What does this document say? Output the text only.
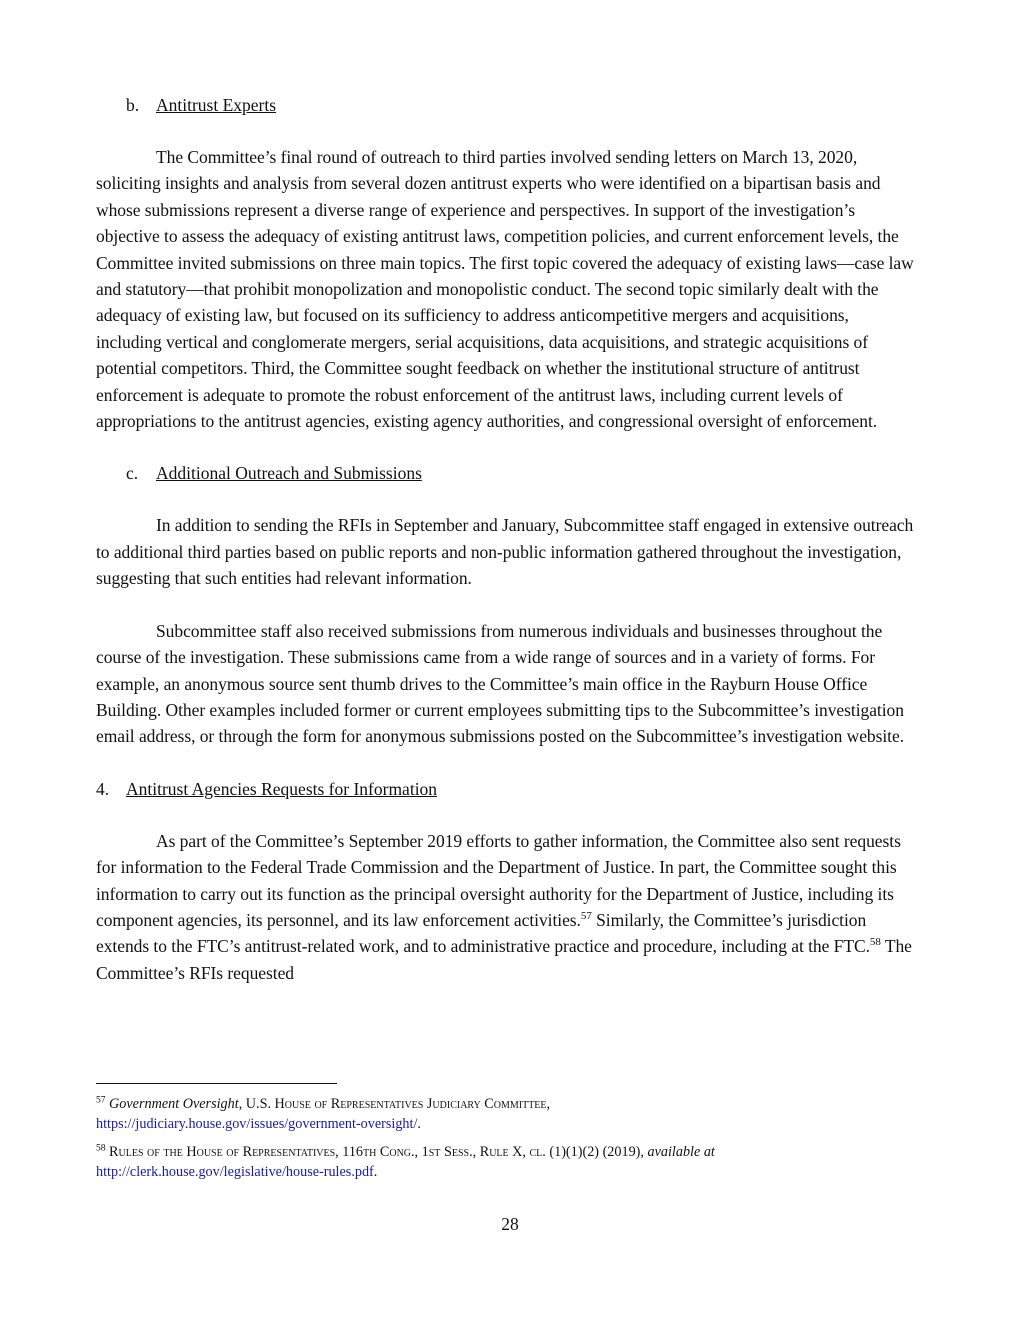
b. Antitrust Experts

The Committee’s final round of outreach to third parties involved sending letters on March 13, 2020, soliciting insights and analysis from several dozen antitrust experts who were identified on a bipartisan basis and whose submissions represent a diverse range of experience and perspectives. In support of the investigation’s objective to assess the adequacy of existing antitrust laws, competition policies, and current enforcement levels, the Committee invited submissions on three main topics. The first topic covered the adequacy of existing laws—case law and statutory—that prohibit monopolization and monopolistic conduct. The second topic similarly dealt with the adequacy of existing law, but focused on its sufficiency to address anticompetitive mergers and acquisitions, including vertical and conglomerate mergers, serial acquisitions, data acquisitions, and strategic acquisitions of potential competitors. Third, the Committee sought feedback on whether the institutional structure of antitrust enforcement is adequate to promote the robust enforcement of the antitrust laws, including current levels of appropriations to the antitrust agencies, existing agency authorities, and congressional oversight of enforcement.

c. Additional Outreach and Submissions

In addition to sending the RFIs in September and January, Subcommittee staff engaged in extensive outreach to additional third parties based on public reports and non-public information gathered throughout the investigation, suggesting that such entities had relevant information.

Subcommittee staff also received submissions from numerous individuals and businesses throughout the course of the investigation. These submissions came from a wide range of sources and in a variety of forms. For example, an anonymous source sent thumb drives to the Committee’s main office in the Rayburn House Office Building. Other examples included former or current employees submitting tips to the Subcommittee’s investigation email address, or through the form for anonymous submissions posted on the Subcommittee’s investigation website.

4. Antitrust Agencies Requests for Information

As part of the Committee’s September 2019 efforts to gather information, the Committee also sent requests for information to the Federal Trade Commission and the Department of Justice. In part, the Committee sought this information to carry out its function as the principal oversight authority for the Department of Justice, including its component agencies, its personnel, and its law enforcement activities.$^{57}$ Similarly, the Committee’s jurisdiction extends to the FTC’s antitrust-related work, and to administrative practice and procedure, including at the FTC.$^{58}$ The Committee’s RFIs requested

$^{57}$ Government Oversight, U.S. House of Representatives Judiciary Committee,
https://judiciary.house.gov/issues/government-oversight/.

$^{58}$ Rules of the House of Representatives, 116th Cong., 1st Sess., Rule X, cl. (1)(1)(2) (2019), available at
http://clerk.house.gov/legislative/house-rules.pdf.

28
